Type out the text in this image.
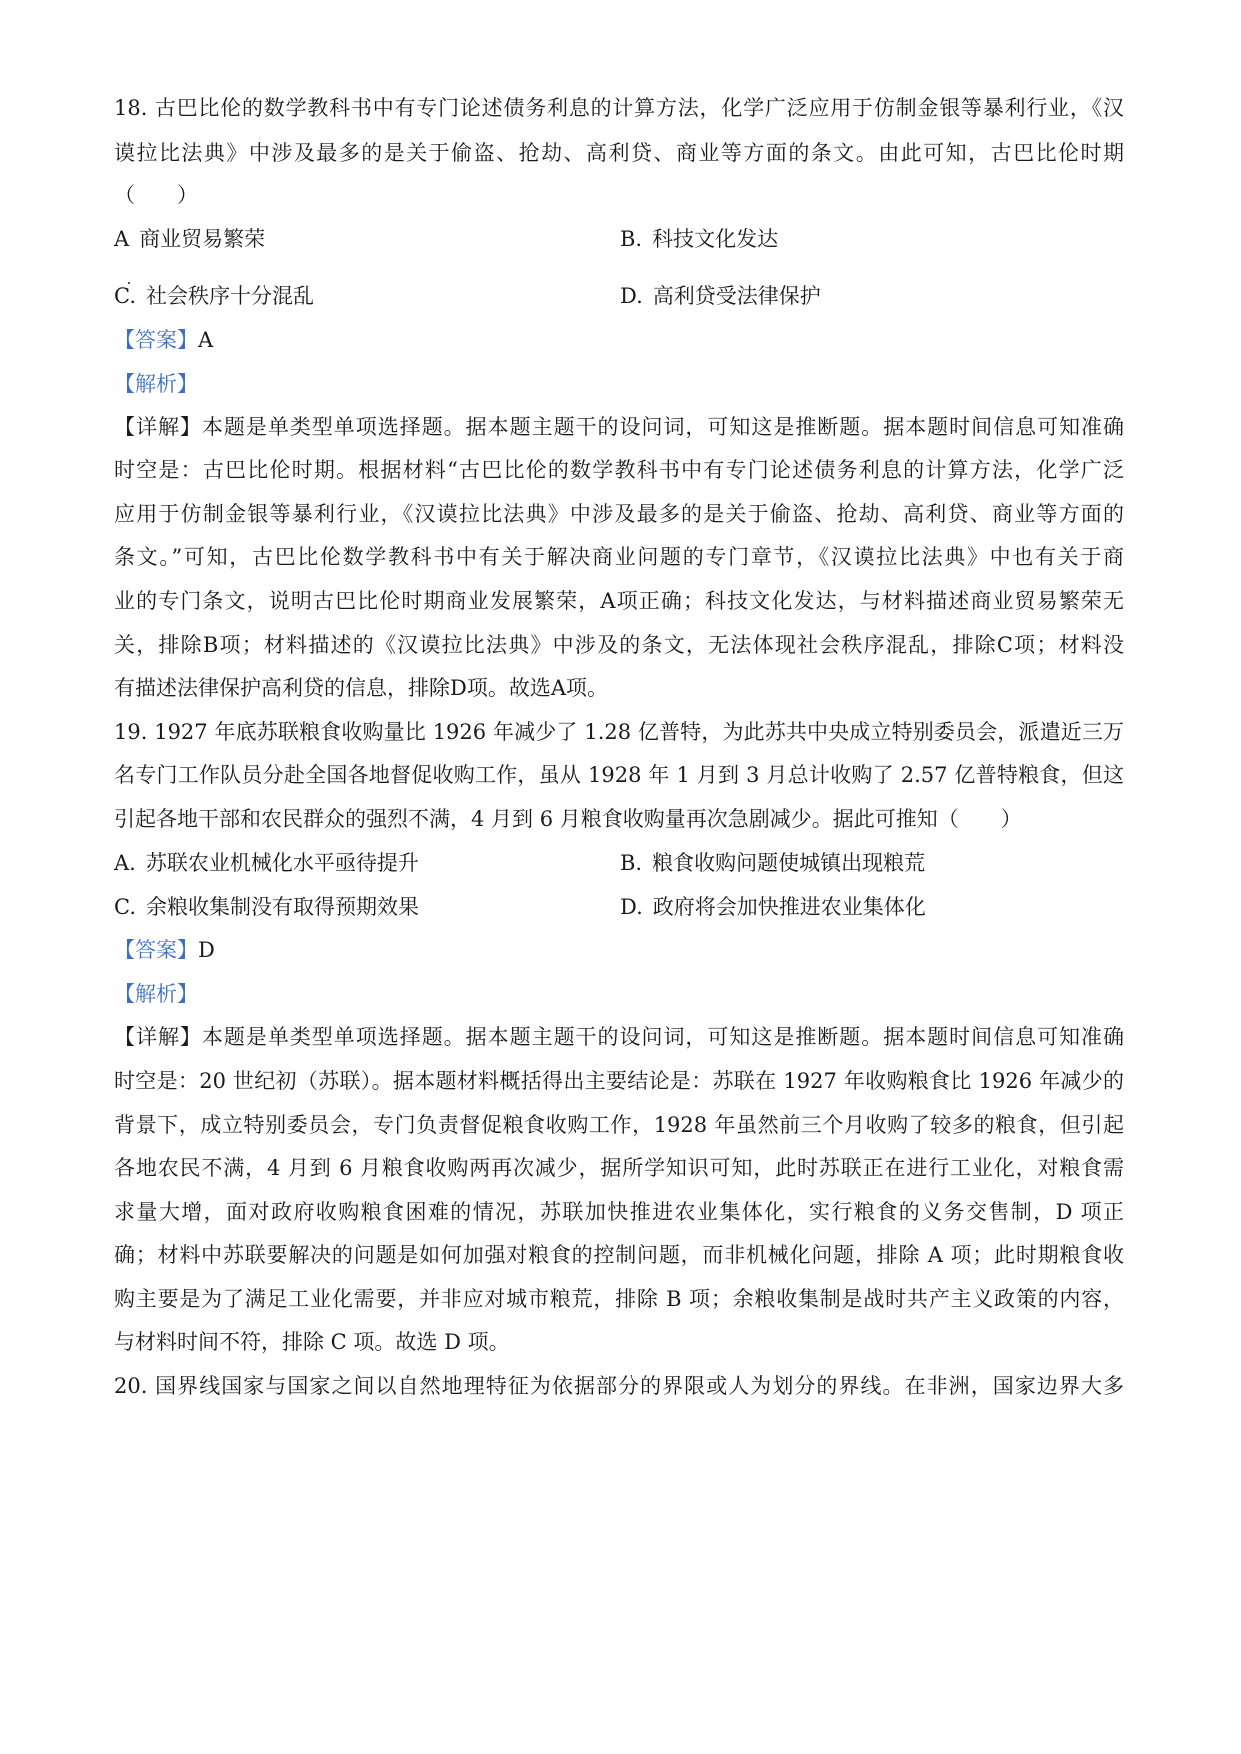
18. 古巴比伦的数学教科书中有专门论述债务利息的计算方法，化学广泛应用于仿制金银等暴利行业，《汉

谟拉比法典》中涉及最多的是关于偷盗、抢劫、高利贷、商业等方面的条文。由此可知，古巴比伦时期

（　　）

A 商业贸易繁荣	B. 科技文化发达

C. 社会秩序十分混乱	D. 高利贷受法律保护

【答案】A

【解析】

【详解】本题是单类型单项选择题。据本题主题干的设问词，可知这是推断题。据本题时间信息可知准确

时空是：古巴比伦时期。根据材料“古巴比伦的数学教科书中有专门论述债务利息的计算方法，化学广泛

应用于仿制金银等暴利行业，《汉谟拉比法典》中涉及最多的是关于偷盗、抢劫、高利贷、商业等方面的

条文。”可知，古巴比伦数学教科书中有关于解决商业问题的专门章节，《汉谟拉比法典》中也有关于商

业的专门条文，说明古巴比伦时期商业发展繁荣，A项正确；科技文化发达，与材料描述商业贸易繁荣无

关，排除B项；材料描述的《汉谟拉比法典》中涉及的条文，无法体现社会秩序混乱，排除C项；材料没

有描述法律保护高利贷的信息，排除D项。故选A项。

19. 1927 年底苏联粮食收购量比 1926 年减少了 1.28 亿普特，为此苏共中央成立特别委员会，派遣近三万

名专门工作队员分赴全国各地督促收购工作，虽从 1928 年 1 月到 3 月总计收购了 2.57 亿普特粮食，但这

引起各地干部和农民群众的强烈不满，4 月到 6 月粮食收购量再次急剧减少。据此可推知（　　）

A. 苏联农业机械化水平亟待提升	B. 粮食收购问题使城镇出现粮荒

C. 余粮收集制没有取得预期效果	D. 政府将会加快推进农业集体化

【答案】D

【解析】

【详解】本题是单类型单项选择题。据本题主题干的设问词，可知这是推断题。据本题时间信息可知准确

时空是：20 世纪初（苏联）。据本题材料概括得出主要结论是：苏联在 1927 年收购粮食比 1926 年减少的

背景下，成立特别委员会，专门负责督促粮食收购工作，1928 年虽然前三个月收购了较多的粮食，但引起

各地农民不满，4 月到 6 月粮食收购两再次减少，据所学知识可知，此时苏联正在进行工业化，对粮食需

求量大增，面对政府收购粮食困难的情况，苏联加快推进农业集体化，实行粮食的义务交售制，D 项正

确；材料中苏联要解决的问题是如何加强对粮食的控制问题，而非机械化问题，排除 A 项；此时期粮食收

购主要是为了满足工业化需要，并非应对城市粮荒，排除 B 项；余粮收集制是战时共产主义政策的内容，

与材料时间不符，排除 C 项。故选 D 项。

20. 国界线国家与国家之间以自然地理特征为依据部分的界限或人为划分的界线。在非洲，国家边界大多
